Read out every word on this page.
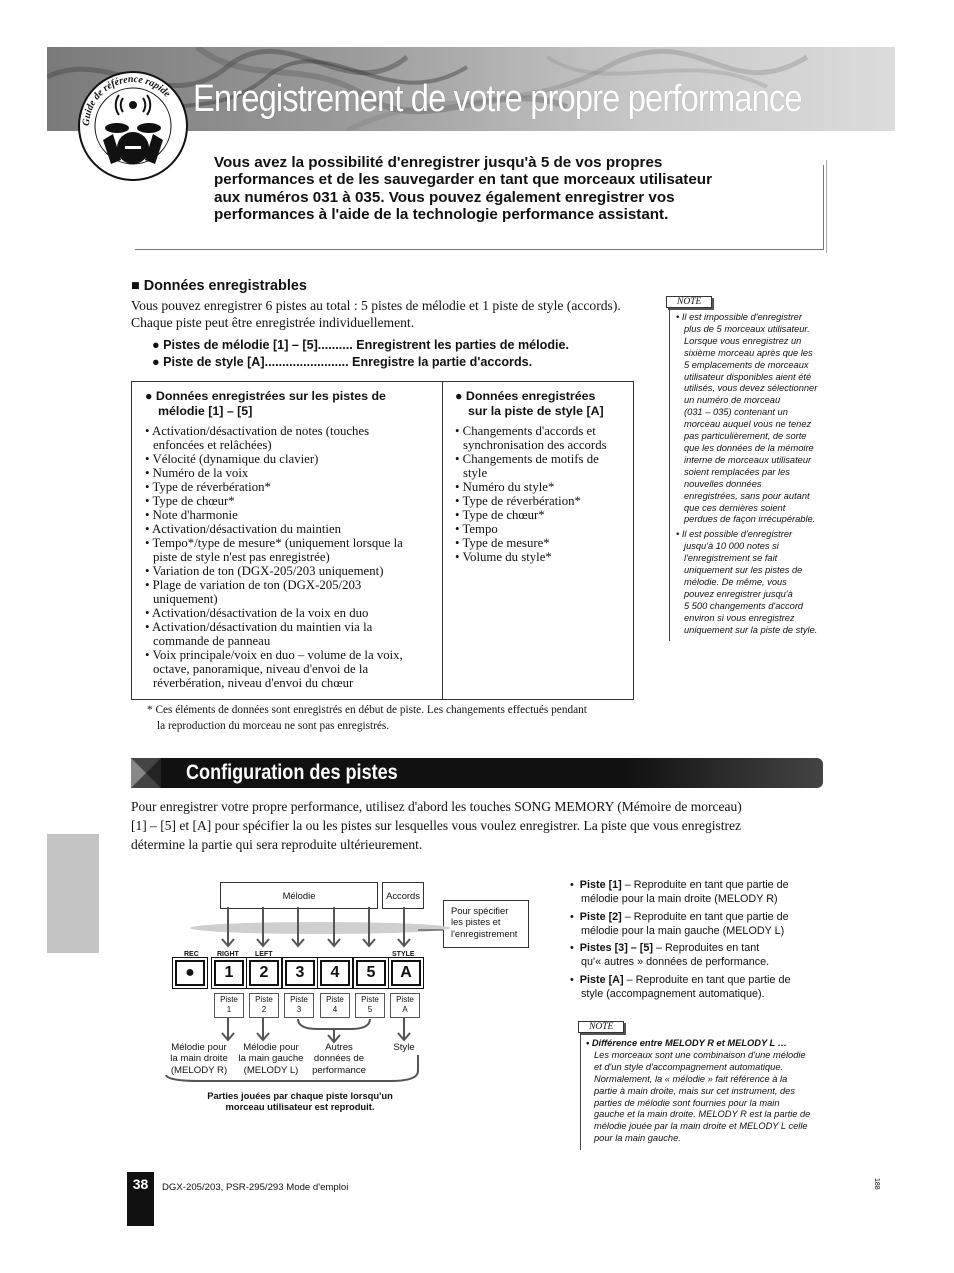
Enregistrement de votre propre performance
Guide de référence rapide
Vous avez la possibilité d'enregistrer jusqu'à 5 de vos propres
performances et de les sauvegarder en tant que morceaux utilisateur
aux numéros 031 à 035. Vous pouvez également enregistrer vos
performances à l'aide de la technologie performance assistant.
■ Données enregistrables
Vous pouvez enregistrer 6 pistes au total : 5 pistes de mélodie et 1 piste de style (accords).
Chaque piste peut être enregistrée individuellement.
● Pistes de mélodie [1] – [5].......... Enregistrent les parties de mélodie.
● Piste de style [A]........................ Enregistre la partie d'accords.
● Données enregistrées sur les pistes de
mélodie [1] – [5]
• Activation/désactivation de notes (touches
enfoncées et relâchées)
• Vélocité (dynamique du clavier)
• Numéro de la voix
• Type de réverbération*
• Type de chœur*
• Note d'harmonie
• Activation/désactivation du maintien
• Tempo*/type de mesure* (uniquement lorsque la
piste de style n'est pas enregistrée)
• Variation de ton (DGX-205/203 uniquement)
• Plage de variation de ton (DGX-205/203
uniquement)
• Activation/désactivation de la voix en duo
• Activation/désactivation du maintien via la
commande de panneau
• Voix principale/voix en duo – volume de la voix,
octave, panoramique, niveau d'envoi de la
réverbération, niveau d'envoi du chœur
● Données enregistrées
sur la piste de style [A]
• Changements d'accords et
synchronisation des accords
• Changements de motifs de
style
• Numéro du style*
• Type de réverbération*
• Type de chœur*
• Tempo
• Type de mesure*
• Volume du style*
* Ces éléments de données sont enregistrés en début de piste. Les changements effectués pendant
la reproduction du morceau ne sont pas enregistrés.
NOTE
• Il est impossible d'enregistrer
plus de 5 morceaux utilisateur.
Lorsque vous enregistrez un
sixième morceau après que les
5 emplacements de morceaux
utilisateur disponibles aient été
utilisés, vous devez sélectionner
un numéro de morceau
(031 – 035) contenant un
morceau auquel vous ne tenez
pas particulièrement, de sorte
que les données de la mémoire
interne de morceaux utilisateur
soient remplacées par les
nouvelles données
enregistrées, sans pour autant
que ces dernières soient
perdues de façon irrécupérable.
• Il est possible d'enregistrer
jusqu'à 10 000 notes si
l'enregistrement se fait
uniquement sur les pistes de
mélodie. De même, vous
pouvez enregistrer jusqu'à
5 500 changements d'accord
environ si vous enregistrez
uniquement sur la piste de style.
Configuration des pistes
Pour enregistrer votre propre performance, utilisez d'abord les touches SONG MEMORY (Mémoire de morceau)
[1] – [5] et [A] pour spécifier la ou les pistes sur lesquelles vous voulez enregistrer. La piste que vous enregistrez
détermine la partie qui sera reproduite ultérieurement.
Mélodie	Accords
Pour spécifier
les pistes et
l'enregistrement
REC	RIGHT LEFT	STYLE
●	1	2	3	4	5	A
Piste
1
Piste
2
Piste
3
Piste
4
Piste
5
Piste
A
Mélodie pour
la main droite
(MELODY R)
Mélodie pour
la main gauche
(MELODY L)
Autres
données de
performance
Style
Parties jouées par chaque piste lorsqu'un
morceau utilisateur est reproduit.
•  Piste [1] – Reproduite en tant que partie de
mélodie pour la main droite (MELODY R)
•  Piste [2] – Reproduite en tant que partie de
mélodie pour la main gauche (MELODY L)
•  Pistes [3] – [5] – Reproduites en tant
qu'« autres » données de performance.
•  Piste [A] – Reproduite en tant que partie de
style (accompagnement automatique).
NOTE
• Différence entre MELODY R et MELODY L …
Les morceaux sont une combinaison d'une mélodie
et d'un style d'accompagnement automatique.
Normalement, la « mélodie » fait référence à la
partie à main droite, mais sur cet instrument, des
parties de mélodie sont fournies pour la main
gauche et la main droite. MELODY R est la partie de
mélodie jouée par la main droite et MELODY L celle
pour la main gauche.
38	DGX-205/203, PSR-295/293 Mode d'emploi	188
